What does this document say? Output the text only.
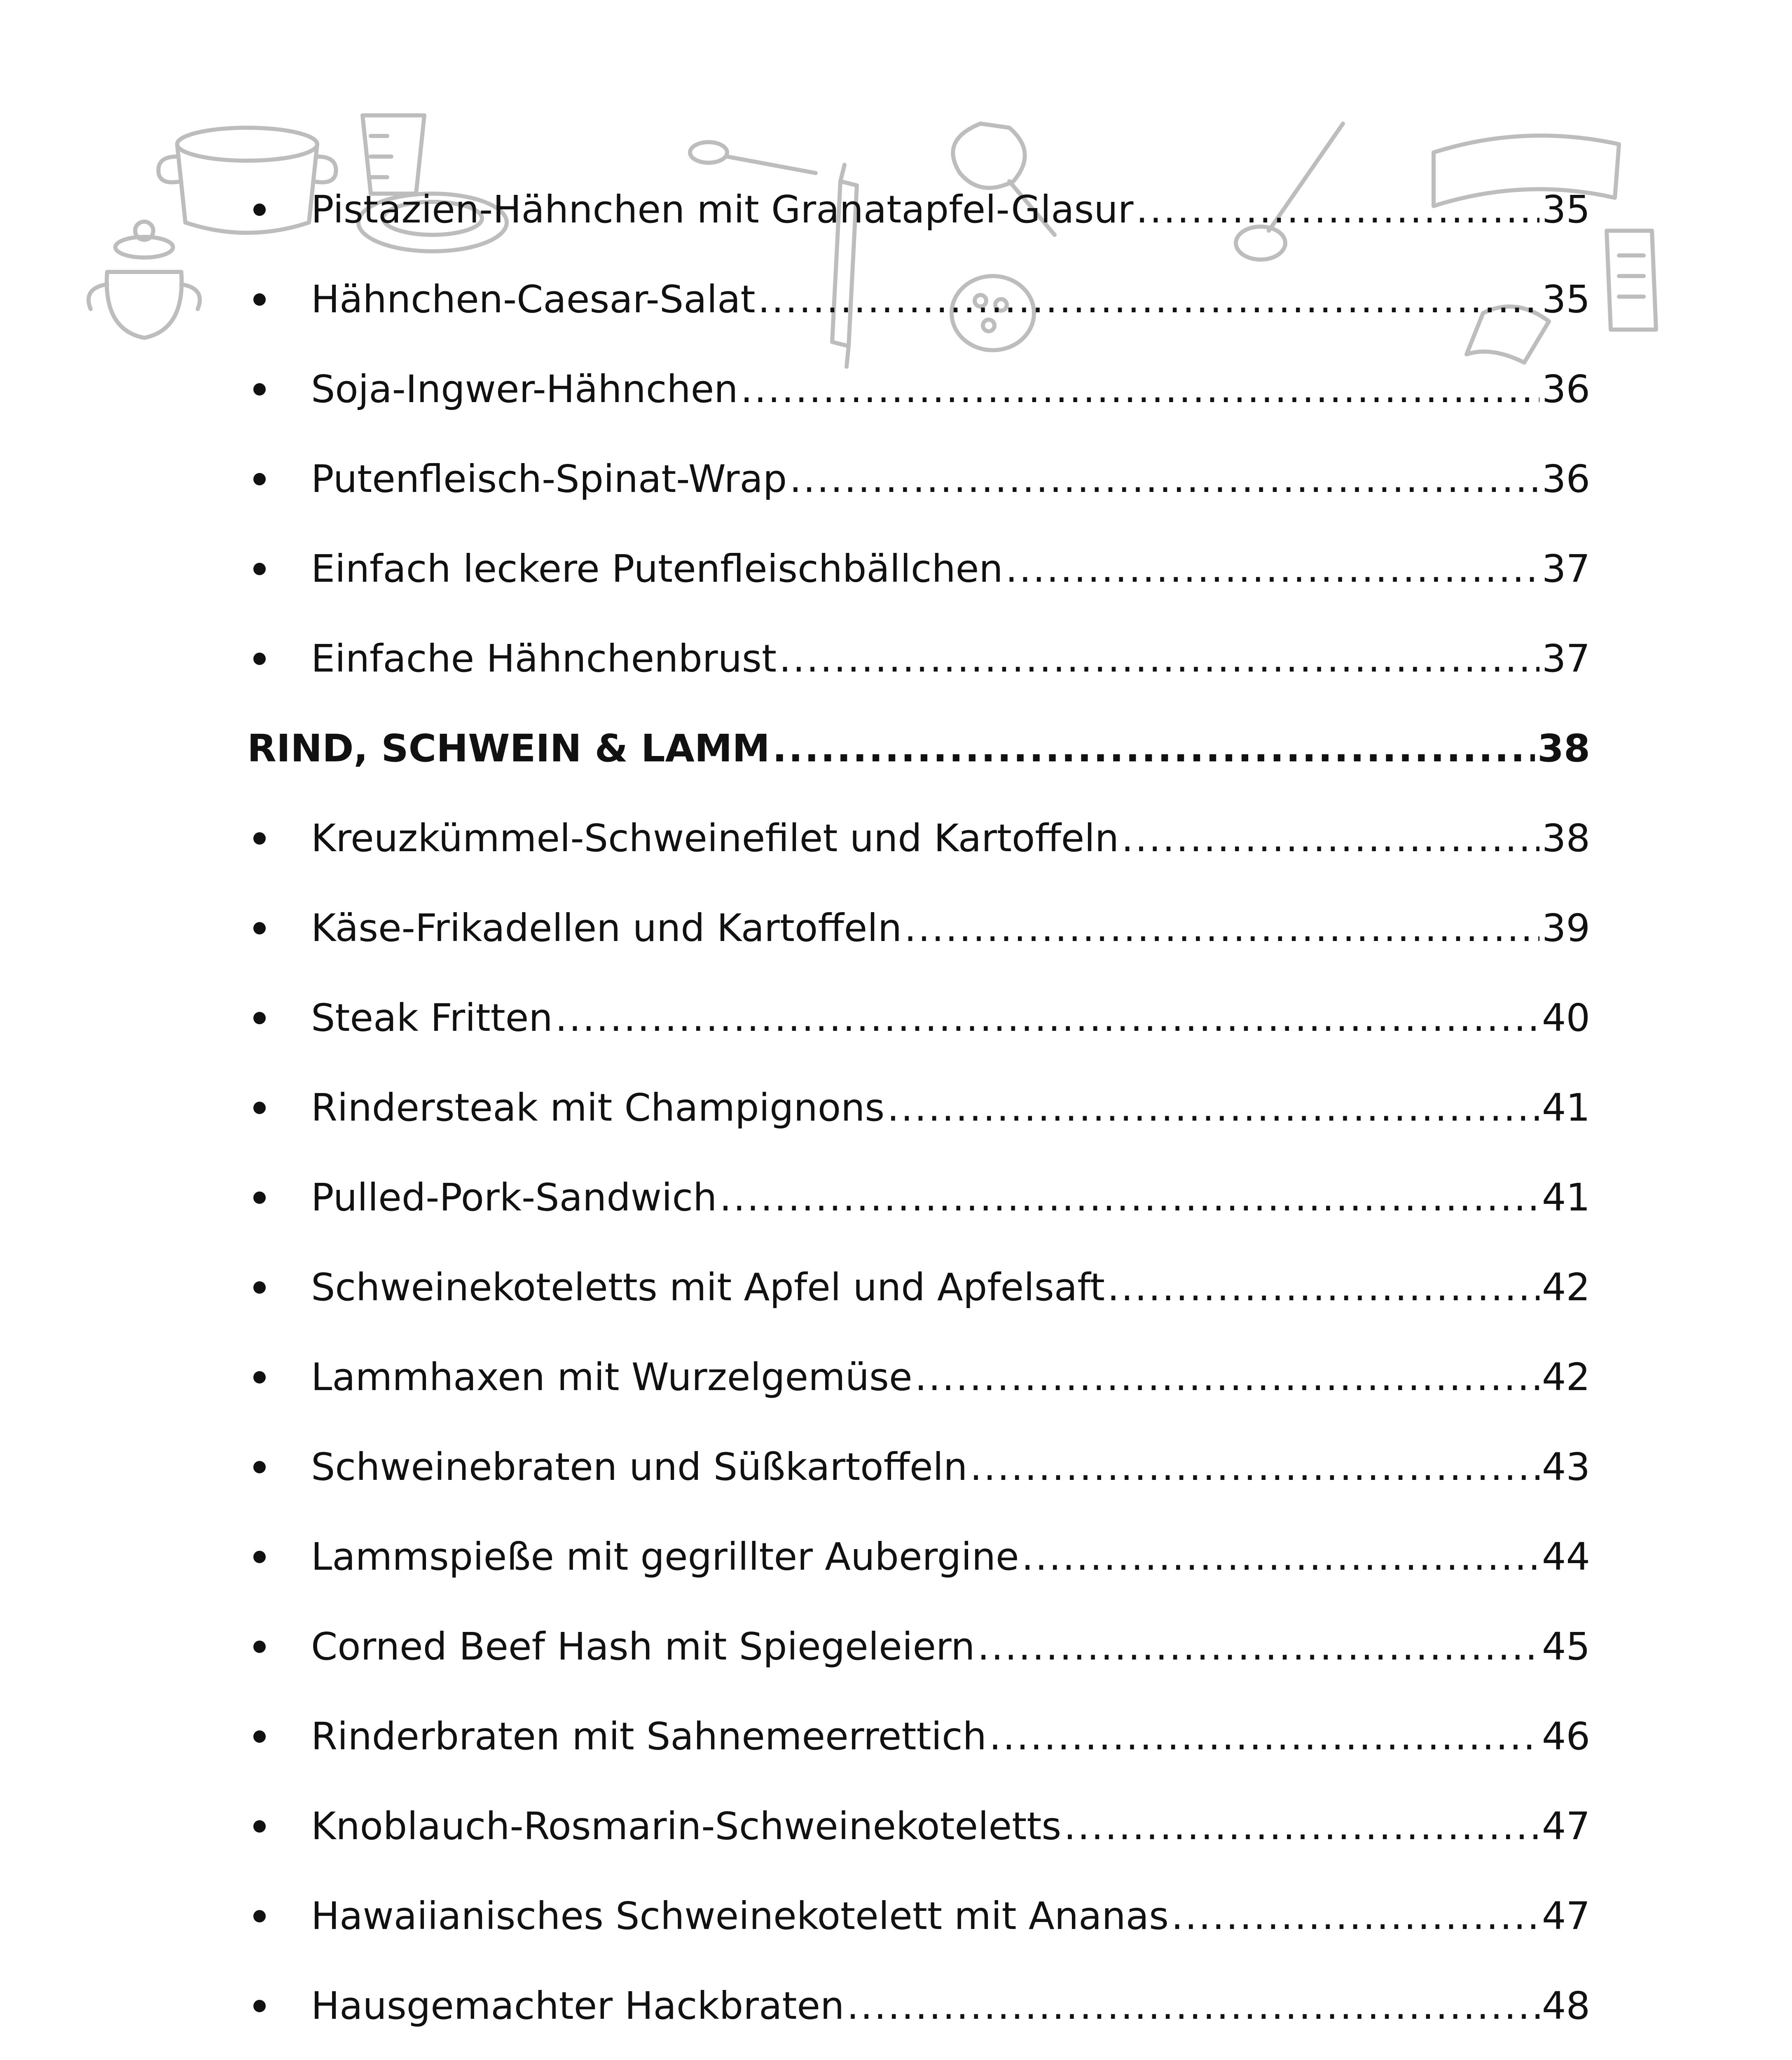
Pistazien-Hähnchen mit Granatapfel-Glasur .....	35
Hähnchen-Caesar-Salat .....	35
Soja-Ingwer-Hähnchen .....	36
Putenfleisch-Spinat-Wrap .....	36
Einfach leckere Putenfleischbällchen .....	37
Einfache Hähnchenbrust .....	37
RIND, SCHWEIN & LAMM .....	38
Kreuzkümmel-Schweinefilet und Kartoffeln .....	38
Käse-Frikadellen und Kartoffeln .....	39
Steak Fritten .....	40
Rindersteak mit Champignons .....	41
Pulled-Pork-Sandwich .....	41
Schweinekoteletts mit Apfel und Apfelsaft .....	42
Lammhaxen mit Wurzelgemüse .....	42
Schweinebraten und Süßkartoffeln .....	43
Lammspieße mit gegrillter Aubergine .....	44
Corned Beef Hash mit Spiegeleiern .....	45
Rinderbraten mit Sahnemeerrettich .....	46
Knoblauch-Rosmarin-Schweinekoteletts .....	47
Hawaiianisches Schweinekotelett mit Ananas .....	47
Hausgemachter Hackbraten .....	48
